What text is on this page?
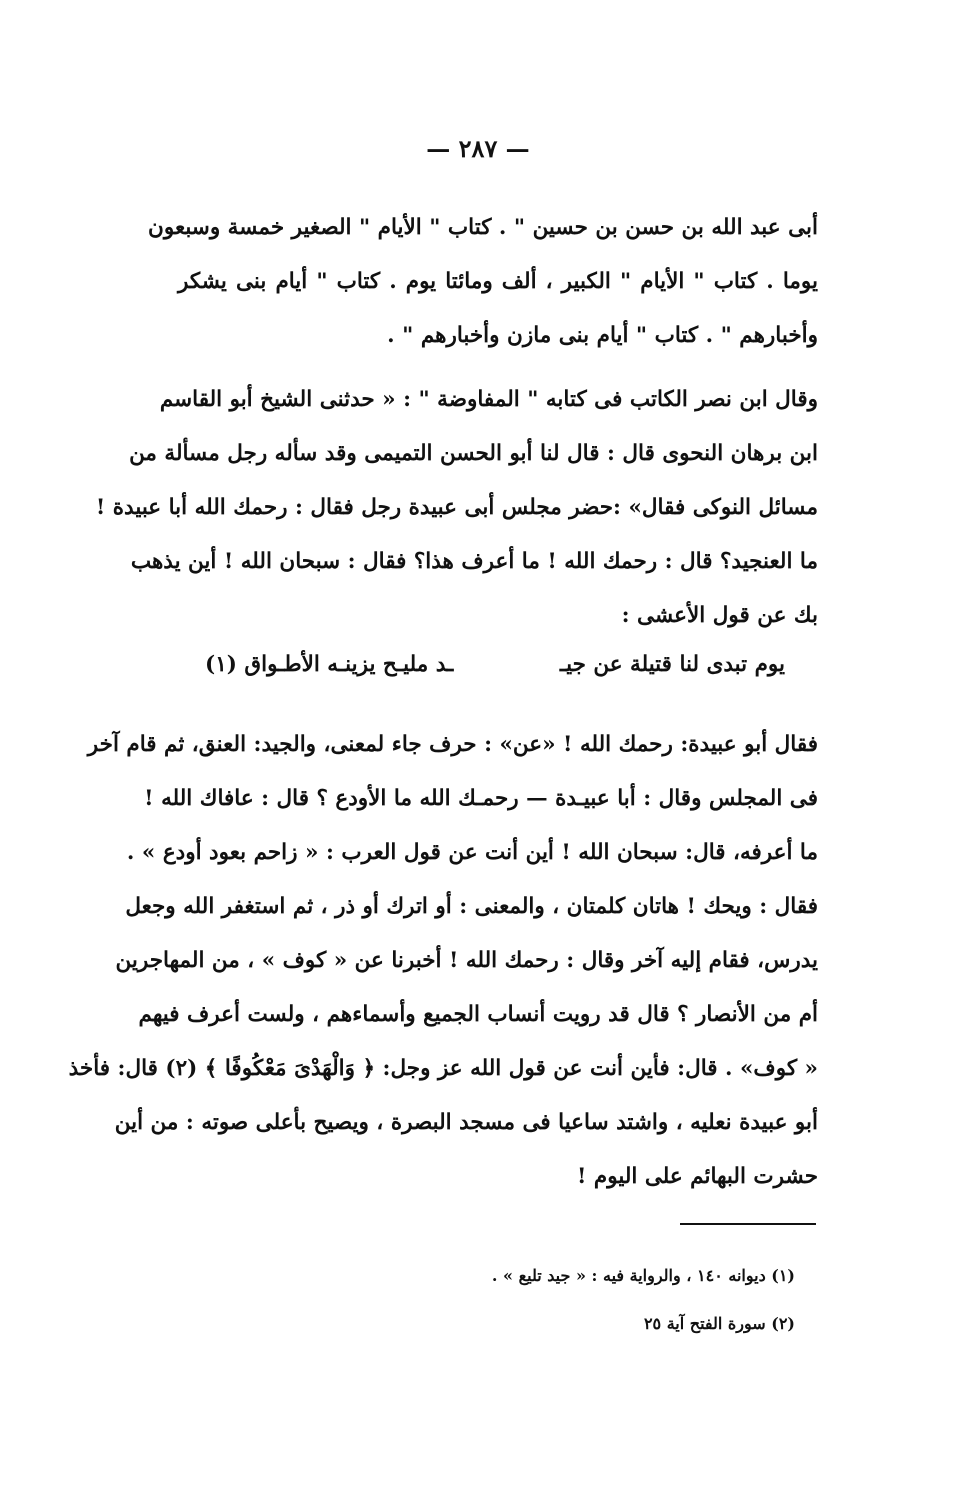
— ٢٨٧ —
أبى عبد الله بن حسن بن حسين " . كتاب " الأيام " الصغير خمسة وسبعون
يوما . كتاب " الأيام " الكبير ، ألف ومائتا يوم . كتاب " أيام بنى يشكر
وأخبارهم " . كتاب " أيام بنى مازن وأخبارهم " .
وقال ابن نصر الكاتب فى كتابه " المفاوضة " : « حدثنى الشيخ أبو القاسم
ابن برهان النحوى قال : قال لنا أبو الحسن التميمى وقد سأله رجل مسألة من
مسائل النوكى فقال» :حضر مجلس أبى عبيدة رجل فقال : رحمك الله أبا عبيدة !
ما العنجيد؟ قال : رحمك الله ! ما أعرف هذا؟ فقال : سبحان الله ! أين يذهب
بك عن قول الأعشى :
يوم تبدى لنا قتيلة عن جيـ
ـد مليـح يزينـه الأطـواق (١)
فقال أبو عبيدة: رحمك الله ! «عن» : حرف جاء لمعنى، والجيد: العنق، ثم قام آخر
فى المجلس وقال : أبا عبيـدة — رحمـك الله ما الأودع ؟ قال : عافاك الله !
ما أعرفه، قال: سبحان الله ! أين أنت عن قول العرب : « زاحم بعود أودع » .
فقال : ويحك ! هاتان كلمتان ، والمعنى : أو اترك أو ذر ، ثم استغفر الله وجعل
يدرس، فقام إليه آخر وقال : رحمك الله ! أخبرنا عن « كوف » ، من المهاجرين
أم من الأنصار ؟ قال قد رويت أنساب الجميع وأسماءهم ، ولست أعرف فيهم
« كوف» . قال: فأين أنت عن قول الله عز وجل: ﴿ وَالْهَدْىَ مَعْكُوفًا ﴾ (٢) قال: فأخذ
أبو عبيدة نعليه ، واشتد ساعيا فى مسجد البصرة ، ويصيح بأعلى صوته : من أين
حشرت البهائم على اليوم !
(١) ديوانه ١٤٠ ، والرواية فيه : « جيد تليع » .
(٢) سورة الفتح آية ٢٥
